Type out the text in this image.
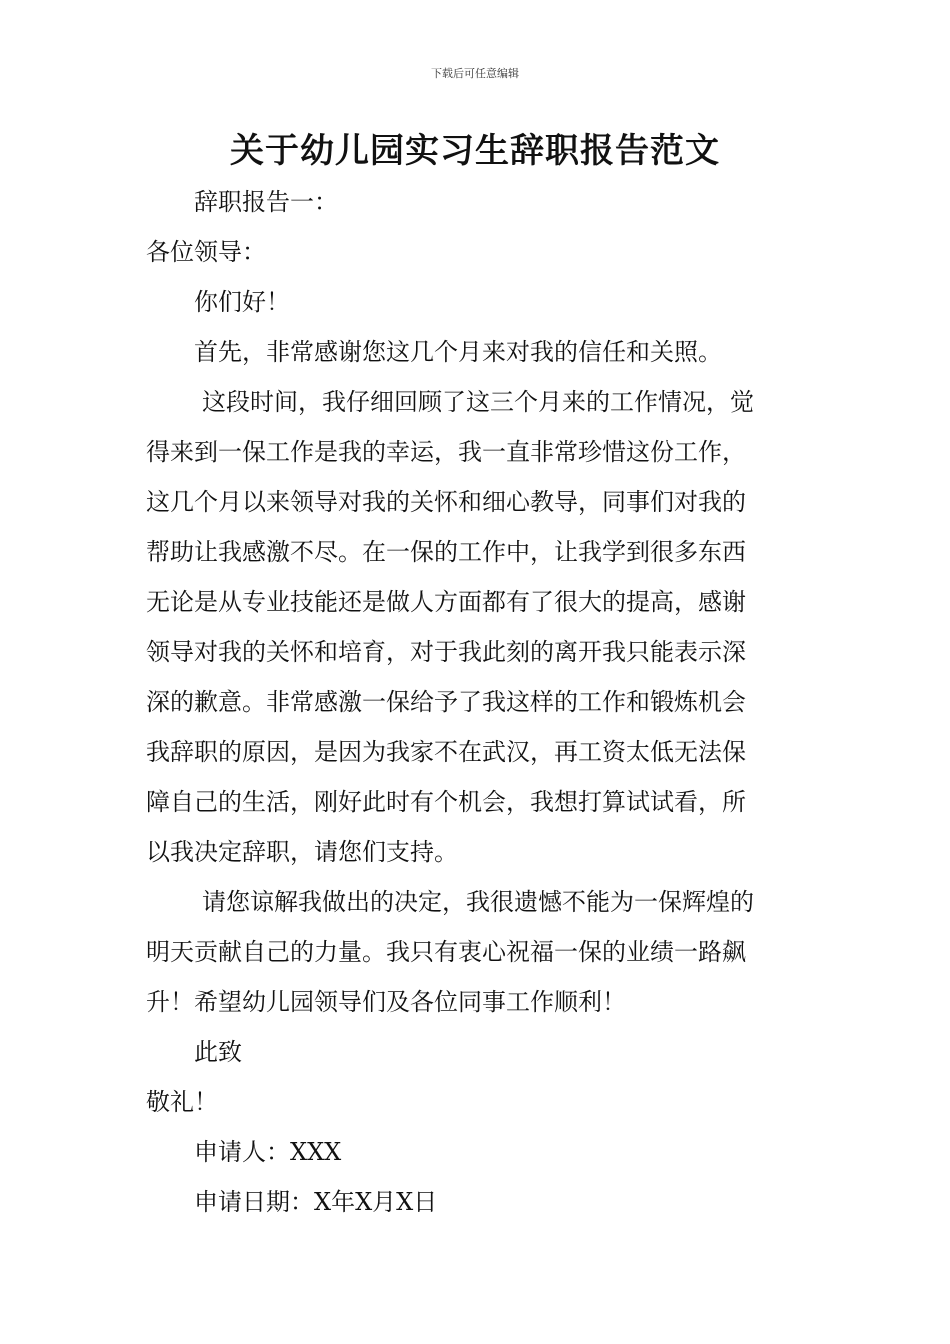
下载后可任意编辑
关于幼儿园实习生辞职报告范文
辞职报告一：
各位领导：
你们好！
首先，非常感谢您这几个月来对我的信任和关照。
这段时间，我仔细回顾了这三个月来的工作情况，觉
得来到一保工作是我的幸运，我一直非常珍惜这份工作，
这几个月以来领导对我的关怀和细心教导，同事们对我的
帮助让我感激不尽。在一保的工作中，让我学到很多东西
无论是从专业技能还是做人方面都有了很大的提高，感谢
领导对我的关怀和培育，对于我此刻的离开我只能表示深
深的歉意。非常感激一保给予了我这样的工作和锻炼机会
我辞职的原因，是因为我家不在武汉，再工资太低无法保
障自己的生活，刚好此时有个机会，我想打算试试看，所
以我决定辞职，请您们支持。
请您谅解我做出的决定，我很遗憾不能为一保辉煌的
明天贡献自己的力量。我只有衷心祝福一保的业绩一路飙
升！希望幼儿园领导们及各位同事工作顺利！
此致
敬礼！
申请人：XXX
申请日期：X年X月X日
